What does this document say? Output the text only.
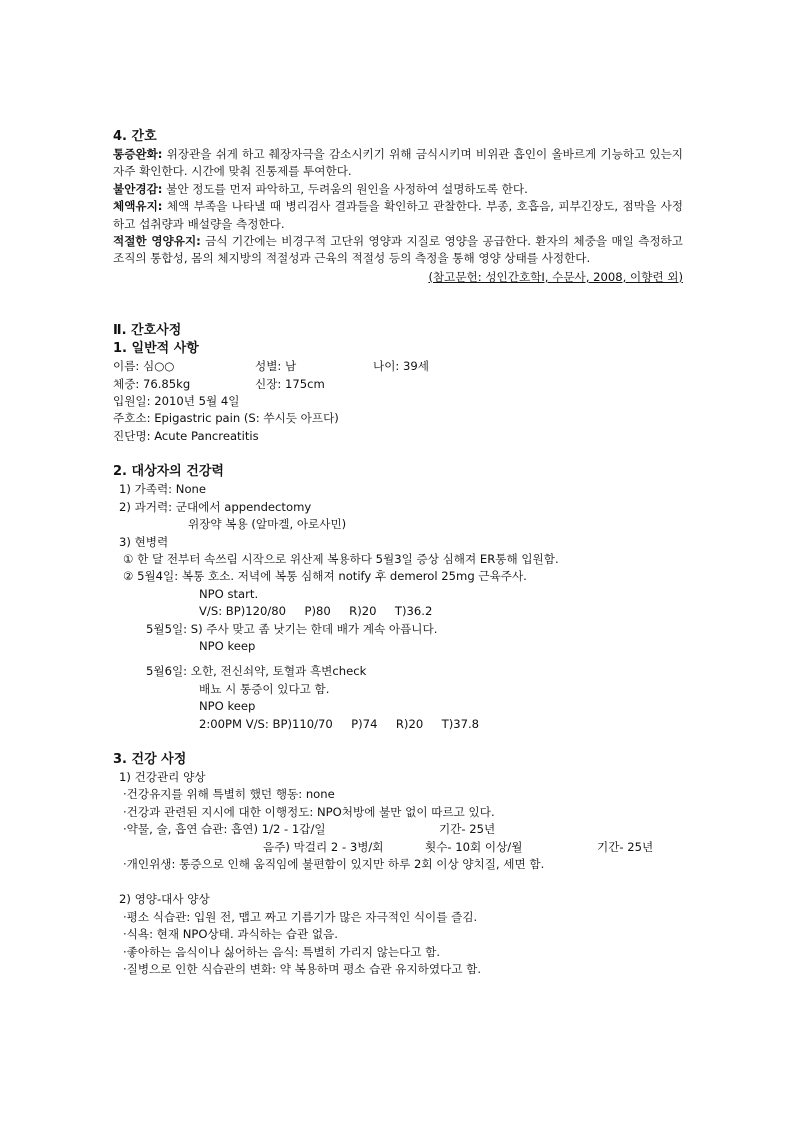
4. 간호
통증완화: 위장관을 쉬게 하고 췌장자극을 감소시키기 위해 금식시키며 비위관 흡인이 올바르게 기능하고 있는지 자주 확인한다. 시간에 맞춰 진통제를 투여한다.
불안경감: 불안 정도를 먼저 파악하고, 두려움의 원인을 사정하여 설명하도록 한다.
체액유지: 체액 부족을 나타낼 때 병리검사 결과들을 확인하고 관찰한다. 부종, 호흡음, 피부긴장도, 점막을 사정하고 섭취량과 배설량을 측정한다.
적절한 영양유지: 금식 기간에는 비경구적 고단위 영양과 지질로 영양을 공급한다. 환자의 체중을 매일 측정하고 조직의 통합성, 몸의 체지방의 적절성과 근육의 적절성 등의 측정을 통해 영양 상태를 사정한다.
(참고문헌: 성인간호학Ⅰ, 수문사, 2008, 이향련 외)
Ⅱ. 간호사정
1. 일반적 사항
이름: 심○○	성별: 남	나이: 39세
체중: 76.85kg	신장: 175cm
입원일: 2010년 5월 4일
주호소: Epigastric pain (S: 쑤시듯 아프다)
진단명: Acute Pancreatitis
2. 대상자의 건강력
1) 가족력: None
2) 과거력: 군대에서 appendectomy
위장약 복용 (알마겔, 아로사민)
3) 현병력
① 한 달 전부터 속쓰림 시작으로 위산제 복용하다 5월3일 증상 심해져 ER통해 입원함.
② 5월4일: 복통 호소. 저녁에 복통 심해져 notify 후 demerol 25mg 근육주사.
NPO start.
V/S: BP)120/80     P)80     R)20     T)36.2
5월5일: S) 주사 맞고 좀 낫기는 한데 배가 계속 아픕니다.
NPO keep
5월6일: 오한, 전신쇠약, 토혈과 흑변check
배뇨 시 통증이 있다고 함.
NPO keep
2:00PM V/S: BP)110/70     P)74     R)20     T)37.8
3. 건강 사정
1) 건강관리 양상
·건강유지를 위해 특별히 했던 행동: none
·건강과 관련된 지시에 대한 이행정도: NPO처방에 불만 없이 따르고 있다.
·약물, 술, 흡연 습관: 흡연) 1/2 - 1갑/일	기간- 25년
음주) 막걸리 2 - 3병/회	횟수- 10회 이상/월	기간- 25년
·개인위생: 통증으로 인해 움직임에 불편함이 있지만 하루 2회 이상 양치질, 세면 함.
2) 영양-대사 양상
·평소 식습관: 입원 전, 맵고 짜고 기름기가 많은 자극적인 식이를 즐김.
·식욕: 현재 NPO상태. 과식하는 습관 없음.
·좋아하는 음식이나 싫어하는 음식: 특별히 가리지 않는다고 함.
·질병으로 인한 식습관의 변화: 약 복용하며 평소 습관 유지하였다고 함.
